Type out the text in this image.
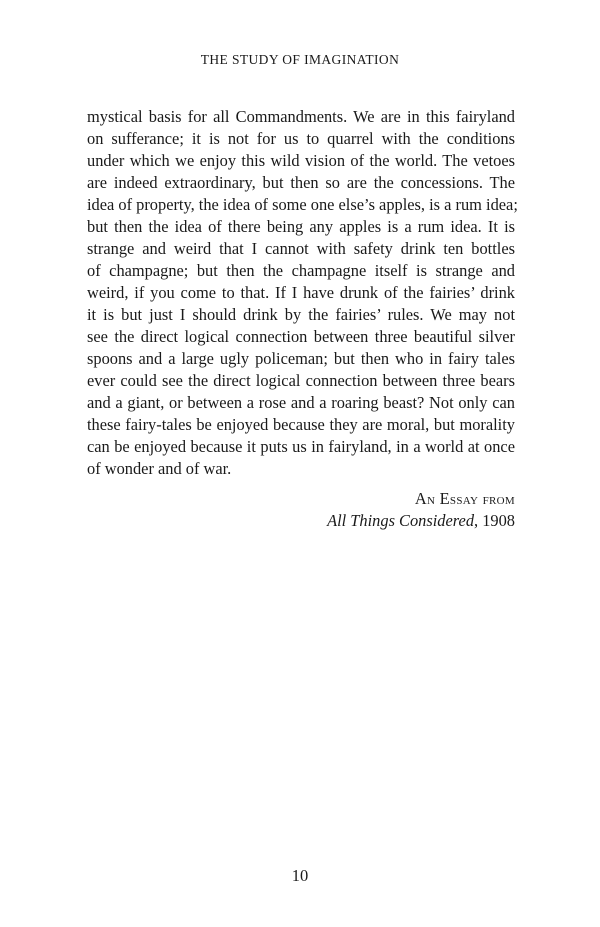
THE STUDY OF IMAGINATION

mystical basis for all Commandments. We are in this fairyland
on sufferance; it is not for us to quarrel with the conditions
under which we enjoy this wild vision of the world. The vetoes
are indeed extraordinary, but then so are the concessions. The
idea of property, the idea of some one else’s apples, is a rum idea;
but then the idea of there being any apples is a rum idea. It is
strange and weird that I cannot with safety drink ten bottles
of champagne; but then the champagne itself is strange and
weird, if you come to that. If I have drunk of the fairies’ drink
it is but just I should drink by the fairies’ rules. We may not
see the direct logical connection between three beautiful silver
spoons and a large ugly policeman; but then who in fairy tales
ever could see the direct logical connection between three bears
and a giant, or between a rose and a roaring beast? Not only can
these fairy-tales be enjoyed because they are moral, but morality
can be enjoyed because it puts us in fairyland, in a world at once
of wonder and of war.

An Essay from
All Things Considered, 1908
10
